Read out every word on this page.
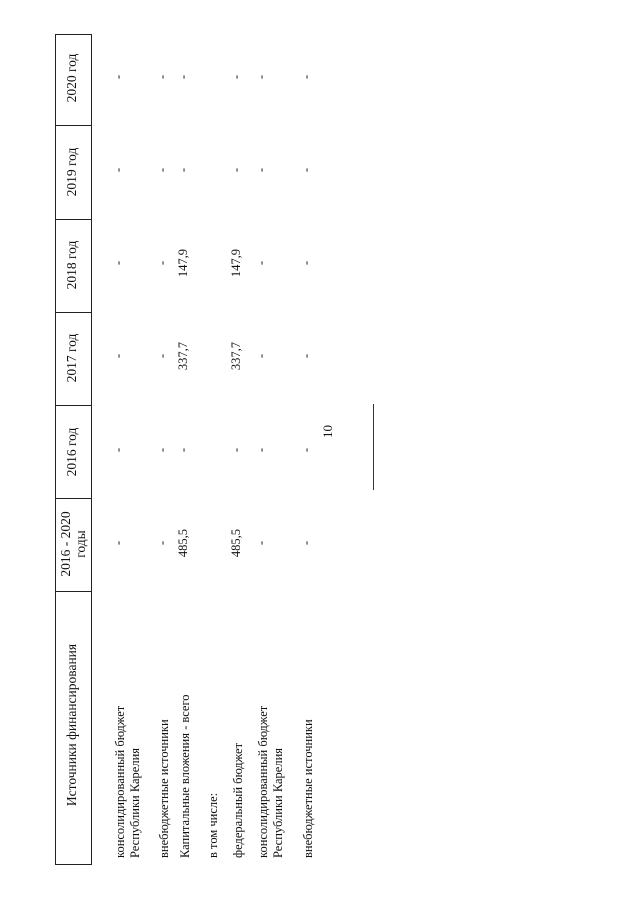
10
Источники финансирования
2016 - 2020 годы
2016 год
2017 год
2018 год
2019 год
2020 год
консолидированный бюджет Республики Карелия внебюджетные источники Капитальные вложения - всего в том числе: федеральный бюджет консолидированный бюджет Республики Карелия внебюджетные источники
-
-
-
-
-
-
-
-
-
-
-
-
485,5
-
337,7
147,9
-
-
485,5
-
337,7
147,9
-
-
-
-
-
-
-
-
-
-
-
-
-
-
